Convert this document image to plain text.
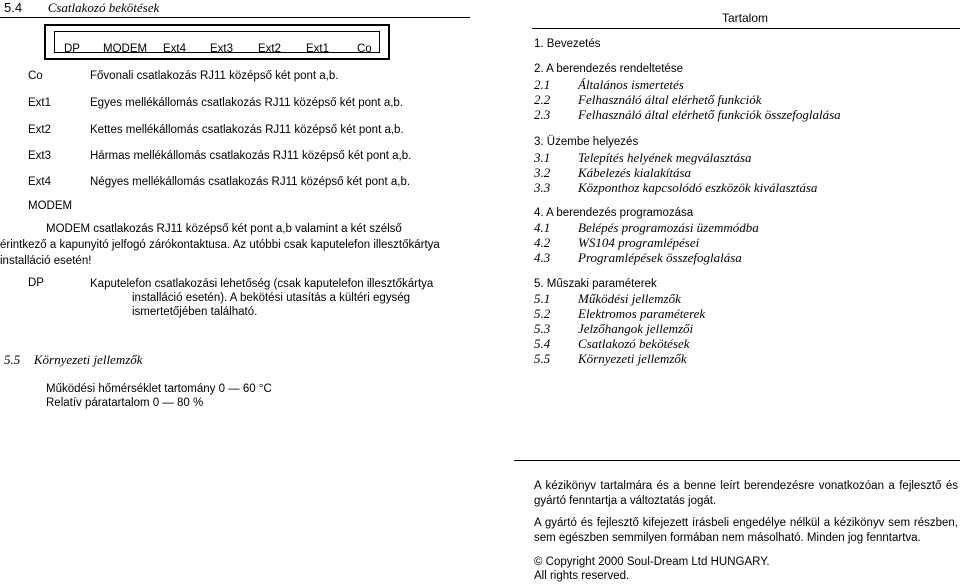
5.4 Csatlakozó bekötések
DP MODEM Ext4 Ext3 Ext2 Ext1 Co
Co	Fővonali csatlakozás RJ11 középső két pont a,b.
Ext1	Egyes mellékállomás csatlakozás RJ11 középső két pont a,b.
Ext2	Kettes mellékállomás csatlakozás RJ11 középső két pont a,b.
Ext3	Hármas mellékállomás csatlakozás RJ11 középső két pont a,b.
Ext4	Négyes mellékállomás csatlakozás RJ11 középső két pont a,b.
MODEM
MODEM csatlakozás RJ11 középső két pont a,b valamint a két szélső
érintkező a kapunyitó jelfogó zárókontaktusa. Az utóbbi csak kaputelefon illesztőkártya
installáció esetén!
DP	Kaputelefon csatlakozási lehetőség (csak kaputelefon illesztőkártya
installáció esetén). A bekötési utasítás a kültéri egység
ismertetőjében található.
5.5 Környezeti jellemzők
Működési hőmérséklet tartomány 0 — 60 °C
Relatív páratartalom 0 — 80 %
Tartalom
1. Bevezetés
2. A berendezés rendeltetése
2.1 Általános ismertetés
2.2 Felhasználó által elérhető funkciók
2.3 Felhasználó által elérhető funkciók összefoglalása
3. Üzembe helyezés
3.1 Telepítés helyének megválasztása
3.2 Kábelezés kialakítása
3.3 Központhoz kapcsolódó eszközök kiválasztása
4. A berendezés programozása
4.1 Belépés programozási üzemmódba
4.2 WS104 programlépései
4.3 Programlépések összefoglalása
5. Műszaki paraméterek
5.1 Működési jellemzők
5.2 Elektromos paraméterek
5.3 Jelzőhangok jellemzői
5.4 Csatlakozó bekötések
5.5 Környezeti jellemzők
A kézikönyv tartalmára és a benne leírt berendezésre vonatkozóan a fejlesztő és gyártó fenntartja a változtatás jogát.
A gyártó és fejlesztő kifejezett írásbeli engedélye nélkül a kézikönyv sem részben, sem egészben semmilyen formában nem másolható. Minden jog fenntartva.
© Copyright 2000 Soul-Dream Ltd HUNGARY.
All rights reserved.
